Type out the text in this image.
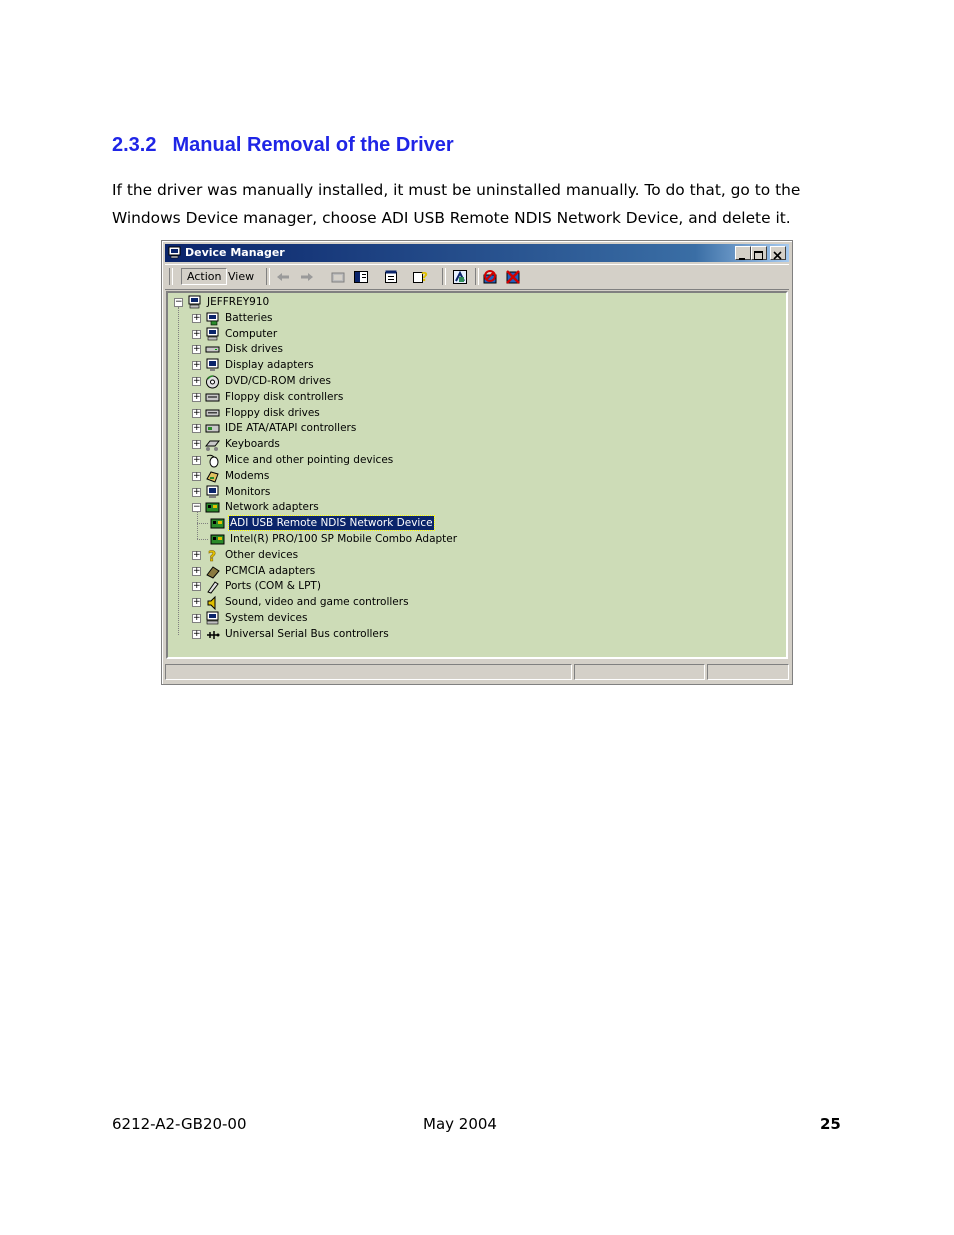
2.3.2 Manual Removal of the Driver

If the driver was manually installed, it must be uninstalled manually. To do that, go to the
Windows Device manager, choose ADI USB Remote NDIS Network Device, and delete it.

Device Manager
Action View	?
− JEFFREY910
+ Batteries
+ Computer
+ Disk drives
+ Display adapters
+ DVD/CD-ROM drives
+ Floppy disk controllers
+ Floppy disk drives
+ IDE ATA/ATAPI controllers
+ Keyboards
+ Mice and other pointing devices
+ Modems
+ Monitors
− Network adapters
ADI USB Remote NDIS Network Device
Intel(R) PRO/100 SP Mobile Combo Adapter
+ ? Other devices
+ PCMCIA adapters
+ Ports (COM & LPT)
+ Sound, video and game controllers
+ System devices
+ Universal Serial Bus controllers
6212-A2-GB20-00	May 2004	25
